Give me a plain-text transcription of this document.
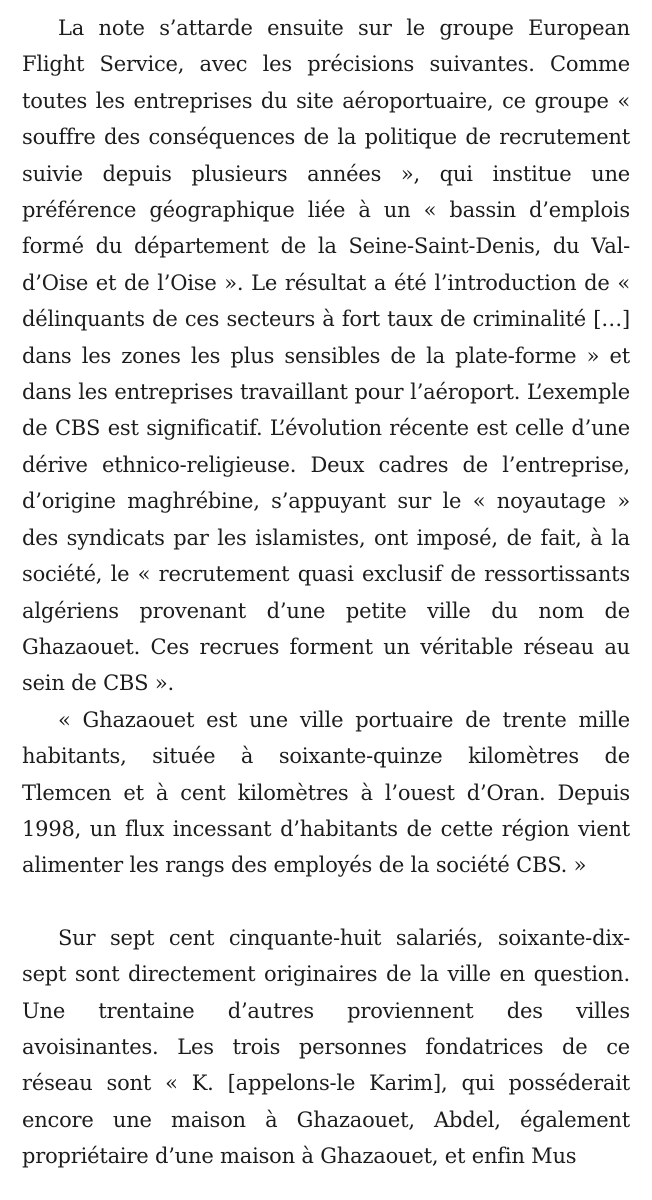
La note s’attarde ensuite sur le groupe European Flight Service, avec les précisions suivantes. Comme toutes les entreprises du site aéroportuaire, ce groupe « souffre des conséquences de la politique de recrutement suivie depuis plusieurs années », qui institue une préférence géographique liée à un « bassin d’emplois formé du département de la Seine-Saint-Denis, du Val-d’Oise et de l’Oise ». Le résultat a été l’introduction de « délinquants de ces secteurs à fort taux de criminalité […] dans les zones les plus sensibles de la plate-forme » et dans les entreprises travaillant pour l’aéroport. L’exemple de CBS est significatif. L’évolution récente est celle d’une dérive ethnico-religieuse. Deux cadres de l’entreprise, d’origine maghrébine, s’appuyant sur le « noyautage » des syndicats par les islamistes, ont imposé, de fait, à la société, le « recrutement quasi exclusif de ressortissants algériens provenant d’une petite ville du nom de Ghazaouet. Ces recrues forment un véritable réseau au sein de CBS ».

« Ghazaouet est une ville portuaire de trente mille habitants, située à soixante-quinze kilomètres de Tlemcen et à cent kilomètres à l’ouest d’Oran. Depuis 1998, un flux incessant d’habitants de cette région vient alimenter les rangs des employés de la société CBS. »

Sur sept cent cinquante-huit salariés, soixante-dix-sept sont directement originaires de la ville en question. Une trentaine d’autres proviennent des villes avoisinantes. Les trois personnes fondatrices de ce réseau sont « K. [appelons-le Karim], qui posséderait encore une maison à Ghazaouet, Abdel, également propriétaire d’une maison à Ghazaouet, et enfin Mus
